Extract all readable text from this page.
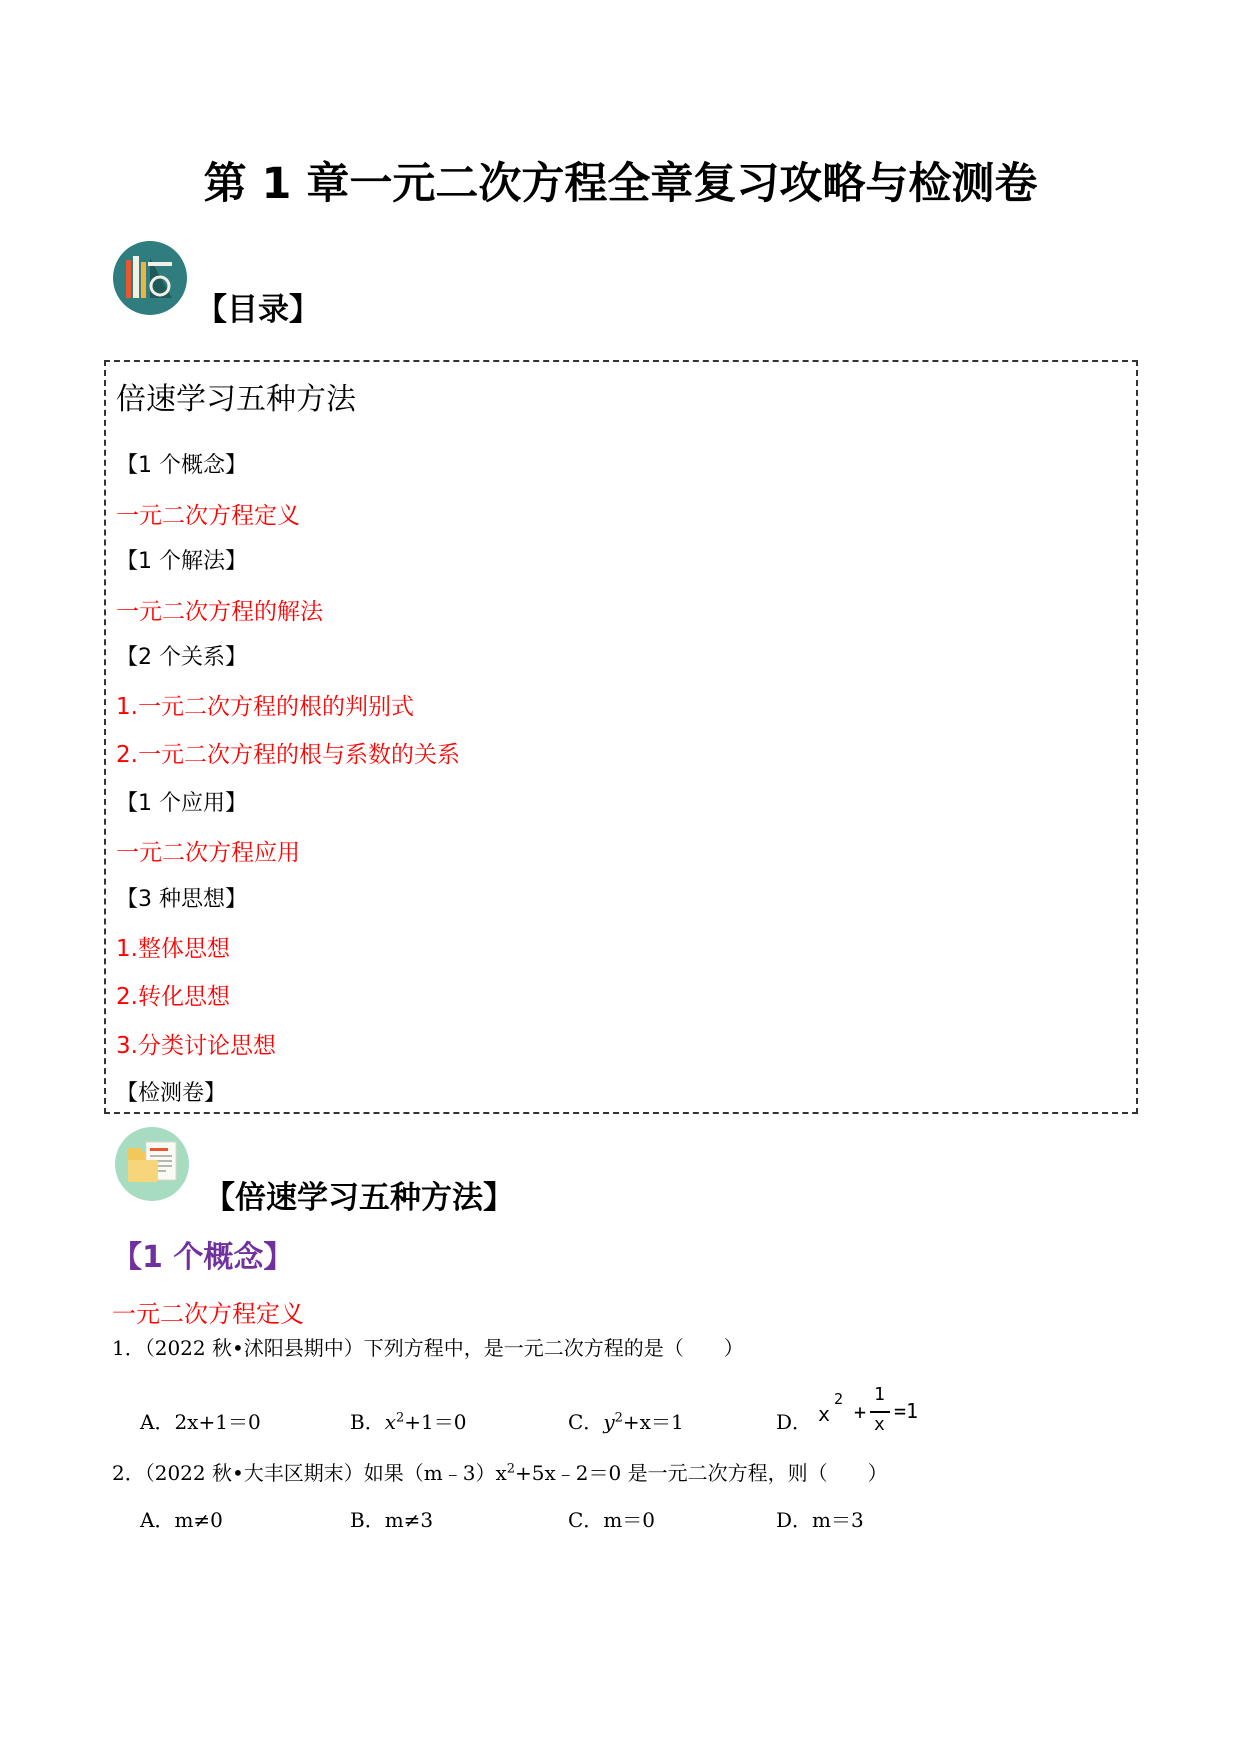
第 1 章一元二次方程全章复习攻略与检测卷
【目录】
倍速学习五种方法
【1 个概念】
一元二次方程定义
【1 个解法】
一元二次方程的解法
【2 个关系】
1.一元二次方程的根的判别式
2.一元二次方程的根与系数的关系
【1 个应用】
一元二次方程应用
【3 种思想】
1.整体思想
2.转化思想
3.分类讨论思想
【检测卷】
【倍速学习五种方法】
【1 个概念】
一元二次方程定义
1．（2022 秋•沭阳县期中）下列方程中，是一元二次方程的是（　　）
A．2x+1＝0	B．$x^2+1=0$	C．$y^2+x=1$	D． x
2
+
1
x
=1
2．（2022 秋•大丰区期末）如果$(m﹣3)x^2+5x﹣2=0$ 是一元二次方程，则（　　）
A．m≠0	B．m≠3	C．m＝0	D．m＝3
